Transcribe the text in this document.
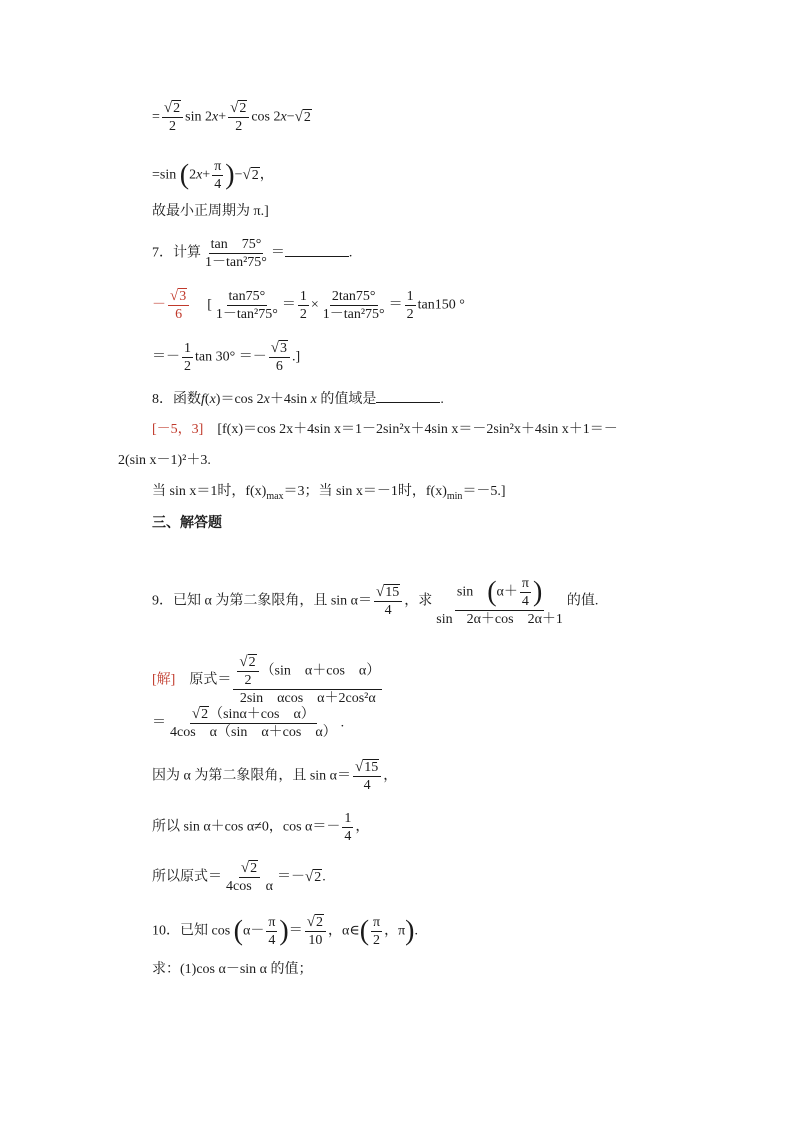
= $\frac{√2}{2}$ $\sin 2x+ \frac{√2}{2}$ cos 2x−√2
=sin $(2x+ \frac{\pi}{4} )-√2$，
故最小正周期为 π.]
7．计算 $\frac{\tan 75^\circ}{\text{1－tan²75°}}$ ＝	.
－ $\frac{√3}{6}$ [ $\frac{\tan 75^\circ}{\text{1－tan²75°}} = \frac{1}{2} \times \frac{2\tan 75^\circ}{\text{1－tan²75°}} = \frac{1}{2} \tan 150$ °
＝－ $\frac{1}{2}$ $\tan 30^\circ =- \frac{√3}{6}$ .]
8．函数f(x)＝cos 2x＋4sin x 的值域是	.
[－5，3]　 [f(x)＝cos 2x＋4sin x＝1－2sin²x＋4sin x＝－2sin²x＋4sin x＋1＝－
2(sin x－1)²＋3.
当 sin x＝1时，$f(x)_{max}=3$；当 sin x＝－1时，$f(x)_{min}=-5$.]
三、解答题
9．已知 α 为第二象限角，且 $\sin \alpha= \frac{√15}{4}$ ，求 $\frac{\sin (\alpha+ \frac{\pi}{4} )}{\sin 2\alpha+\cos 2\alpha+1}$ 的值.
[解]　 原式＝ $\frac{\frac{√2}{2} (\sin \alpha+\cos \alpha)}{\text{2sin　αcos　α＋2cos²α}}$
＝ $\frac{\text{√2（sinα＋cos　α）}}{\text{4cos　α（sin　α＋cos　α）}}$ .
因为 α 为第二象限角，且 $\sin \alpha= \frac{√15}{4}$ ，
所以 sin α＋cos α≠0，$\cos \alpha=- \frac{1}{4}$ ，
所以原式＝ $\frac{√2}{\text{4cos　α}} =-√2$.
10．已知 $\cos (\alpha- \frac{\pi}{4}$ )＝ $\frac{√2}{10}$ ，α∈( $\frac{\pi}{2}$ ，π).
求：(1)cos α－sin α 的值；
